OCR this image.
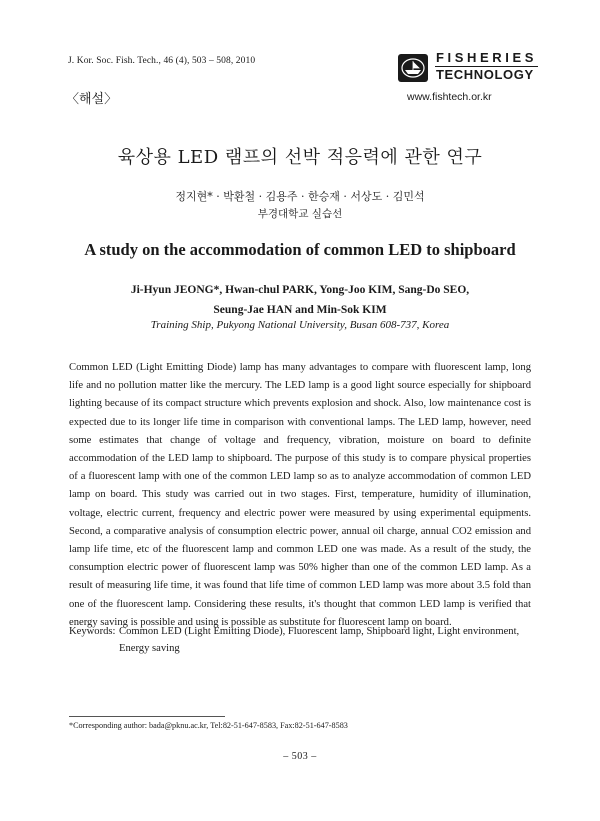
J. Kor. Soc. Fish. Tech., 46 (4), 503 – 508, 2010
〈해설〉
FISHERIES
TECHNOLOGY
www.fishtech.or.kr
육상용 LED 램프의 선박 적응력에 관한 연구
정지현* · 박환철 · 김용주 · 한승재 · 서상도 · 김민석
부경대학교 실습선
A study on the accommodation of common LED to shipboard
Ji-Hyun JEONG*, Hwan-chul PARK, Yong-Joo KIM, Sang-Do SEO,
Seung-Jae HAN and Min-Sok KIM
Training Ship, Pukyong National University, Busan 608-737, Korea
Common LED (Light Emitting Diode) lamp has many advantages to compare with fluorescent lamp, long
life and no pollution matter like the mercury. The LED lamp is a good light source especially for shipboard
lighting because of its compact structure which prevents explosion and shock. Also, low maintenance cost is
expected due to its longer life time in comparison with conventional lamps. The LED lamp, however, need
some estimates that change of voltage and frequency, vibration, moisture on board to definite
accommodation of the LED lamp to shipboard. The purpose of this study is to compare physical properties
of a fluorescent lamp with one of the common LED lamp so as to analyze accommodation of common LED
lamp on board. This study was carried out in two stages. First, temperature, humidity of illumination,
voltage, electric current, frequency and electric power were measured by using experimental equipments.
Second, a comparative analysis of consumption electric power, annual oil charge, annual CO2 emission and
lamp life time, etc of the fluorescent lamp and common LED one was made. As a result of the study, the
consumption electric power of fluorescent lamp was 50% higher than one of the common LED lamp. As a
result of measuring life time, it was found that life time of common LED lamp was more about 3.5 fold than
one of the fluorescent lamp. Considering these results, it's thought that common LED lamp is verified that
energy saving is possible and using is possible as substitute for fluorescent lamp on board.
Keywords: Common LED (Light Emitting Diode), Fluorescent lamp, Shipboard light, Light environment, Energy saving
*Corresponding author: bada@pknu.ac.kr, Tel:82-51-647-8583, Fax:82-51-647-8583
– 503 –
